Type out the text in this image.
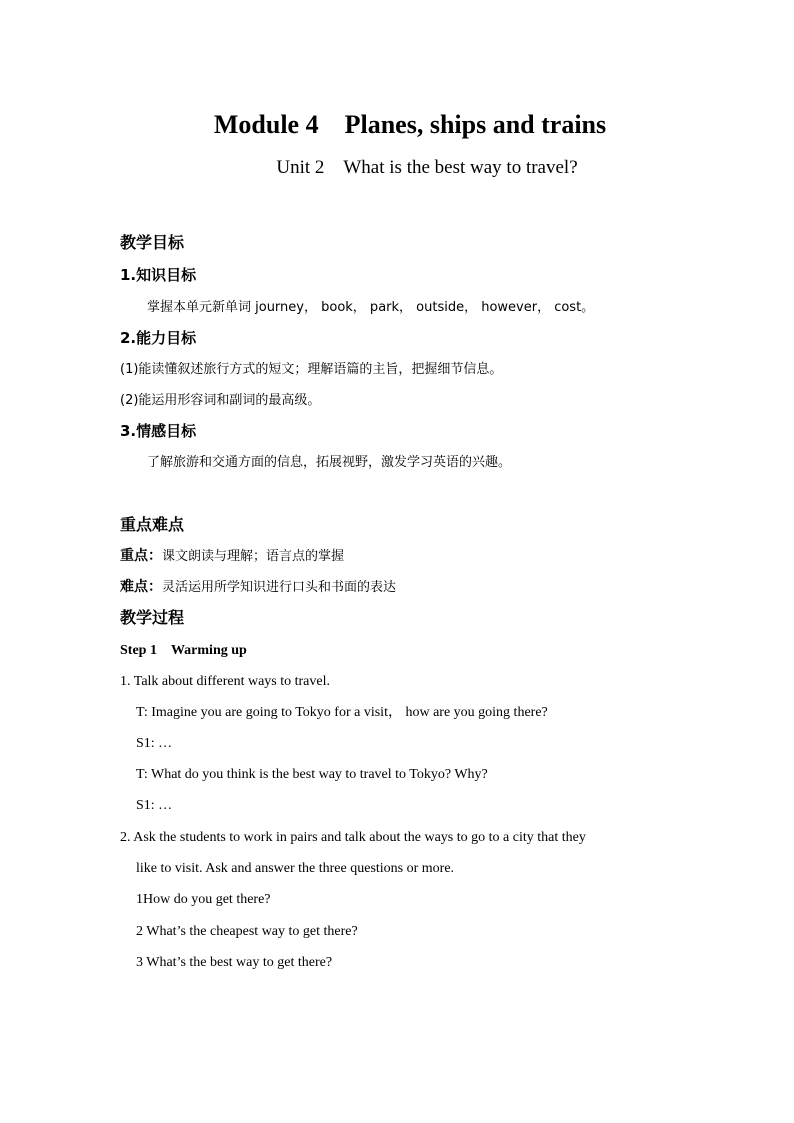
Module 4　Planes, ships and trains
Unit 2　What is the best way to travel?
教学目标
1.知识目标
掌握本单元新单词 journey， book， park， outside， however， cost。
2.能力目标
(1)能读懂叙述旅行方式的短文；理解语篇的主旨，把握细节信息。
(2)能运用形容词和副词的最高级。
3.情感目标
了解旅游和交通方面的信息，拓展视野，激发学习英语的兴趣。
重点难点
重点：课文朗读与理解；语言点的掌握
难点：灵活运用所学知识进行口头和书面的表达
教学过程
Step 1　Warming up
1. Talk about different ways to travel.
T: Imagine you are going to Tokyo for a visit， how are you going there?
S1: …
T: What do you think is the best way to travel to Tokyo? Why?
S1: …
2. Ask the students to work in pairs and talk about the ways to go to a city that they
like to visit. Ask and answer the three questions or more.
1How do you get there?
2 What’s the cheapest way to get there?
3 What’s the best way to get there?
